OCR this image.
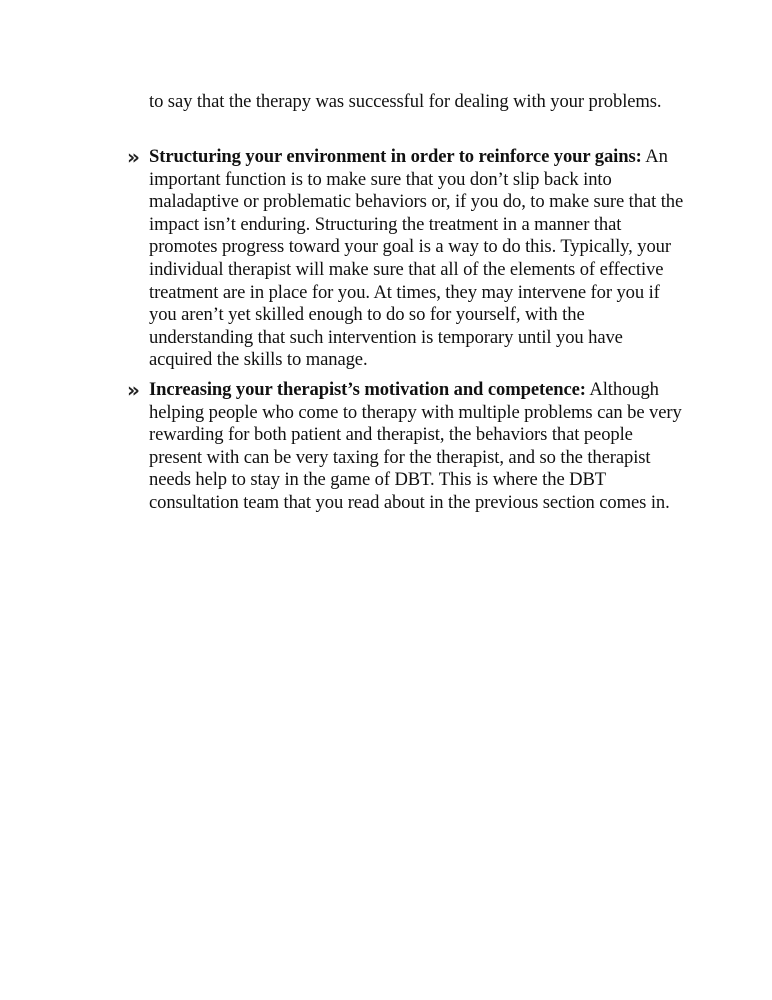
to say that the therapy was successful for dealing with your problems.

» Structuring your environment in order to reinforce your gains: An important function is to make sure that you don’t slip back into maladaptive or problematic behaviors or, if you do, to make sure that the impact isn’t enduring. Structuring the treatment in a manner that promotes progress toward your goal is a way to do this. Typically, your individual therapist will make sure that all of the elements of effective treatment are in place for you. At times, they may intervene for you if you aren’t yet skilled enough to do so for yourself, with the understanding that such intervention is temporary until you have acquired the skills to manage.

» Increasing your therapist’s motivation and competence: Although helping people who come to therapy with multiple problems can be very rewarding for both patient and therapist, the behaviors that people present with can be very taxing for the therapist, and so the therapist needs help to stay in the game of DBT. This is where the DBT consultation team that you read about in the previous section comes in.
